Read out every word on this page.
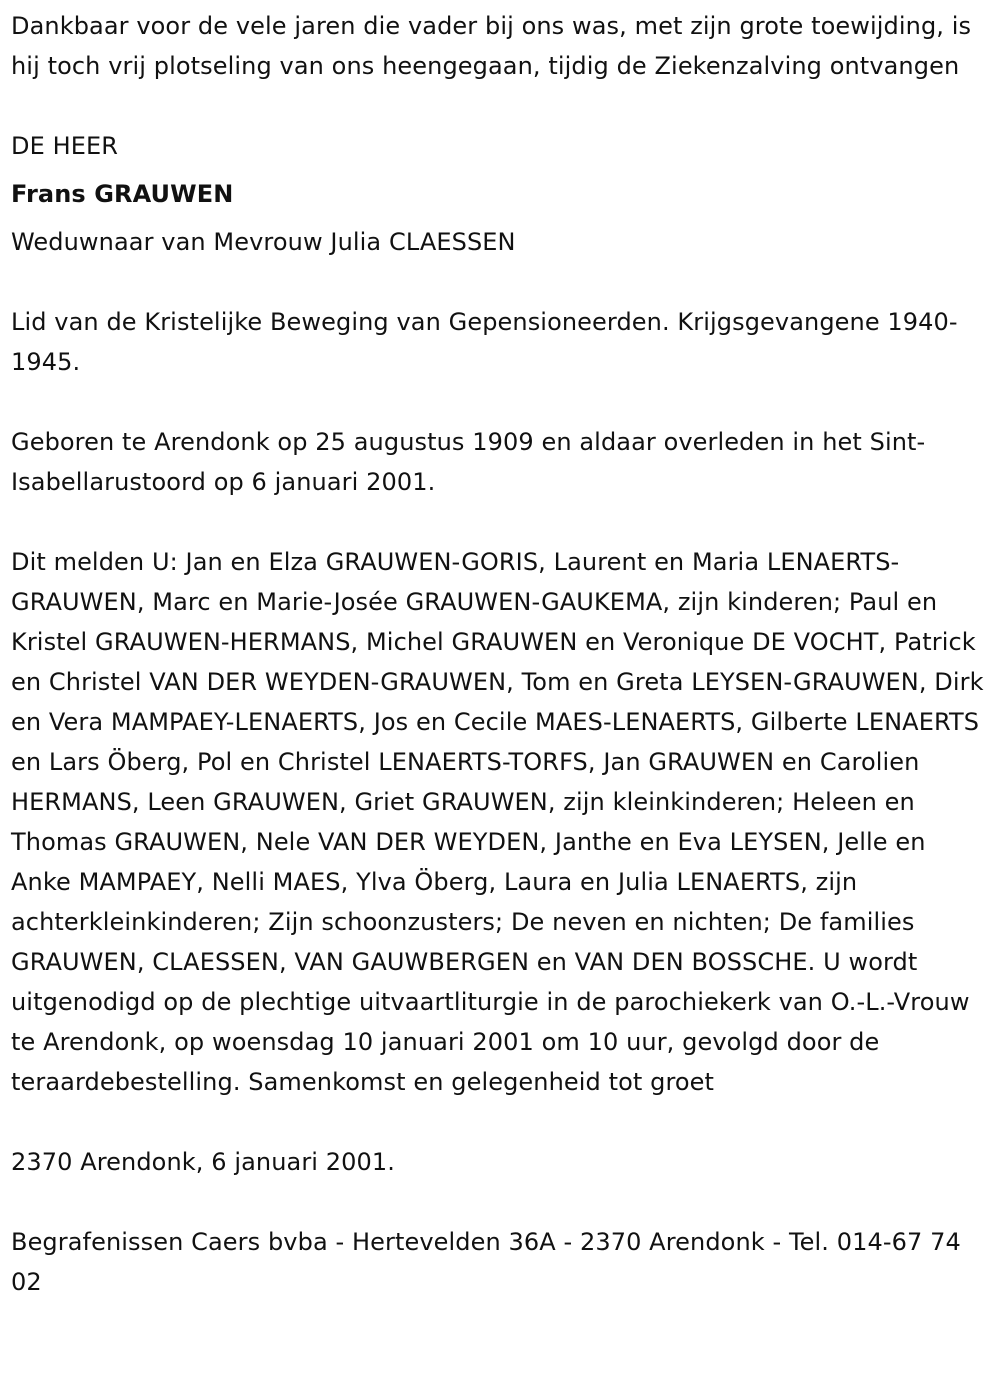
Dankbaar voor de vele jaren die vader bij ons was, met zijn grote toewijding, is hij toch vrij plotseling van ons heengegaan, tijdig de Ziekenzalving ontvangen

DE HEER

Frans GRAUWEN

Weduwnaar van Mevrouw Julia CLAESSEN

Lid van de Kristelijke Beweging van Gepensioneerden. Krijgsgevangene 1940-1945.

Geboren te Arendonk op 25 augustus 1909 en aldaar overleden in het Sint-Isabellarustoord op 6 januari 2001.

Dit melden U: Jan en Elza GRAUWEN-GORIS, Laurent en Maria LENAERTS-GRAUWEN, Marc en Marie-Josée GRAUWEN-GAUKEMA, zijn kinderen; Paul en Kristel GRAUWEN-HERMANS, Michel GRAUWEN en Veronique DE VOCHT, Patrick en Christel VAN DER WEYDEN-GRAUWEN, Tom en Greta LEYSEN-GRAUWEN, Dirk en Vera MAMPAEY-LENAERTS, Jos en Cecile MAES-LENAERTS, Gilberte LENAERTS en Lars Öberg, Pol en Christel LENAERTS-TORFS, Jan GRAUWEN en Carolien HERMANS, Leen GRAUWEN, Griet GRAUWEN, zijn kleinkinderen; Heleen en Thomas GRAUWEN, Nele VAN DER WEYDEN, Janthe en Eva LEYSEN, Jelle en Anke MAMPAEY, Nelli MAES, Ylva Öberg, Laura en Julia LENAERTS, zijn achterkleinkinderen; Zijn schoonzusters; De neven en nichten; De families GRAUWEN, CLAESSEN, VAN GAUWBERGEN en VAN DEN BOSSCHE. U wordt uitgenodigd op de plechtige uitvaartliturgie in de parochiekerk van O.-L.-Vrouw te Arendonk, op woensdag 10 januari 2001 om 10 uur, gevolgd door de teraardebestelling. Samenkomst en gelegenheid tot groet

2370 Arendonk, 6 januari 2001.

Begrafenissen Caers bvba - Hertevelden 36A - 2370 Arendonk - Tel. 014-67 74 02
